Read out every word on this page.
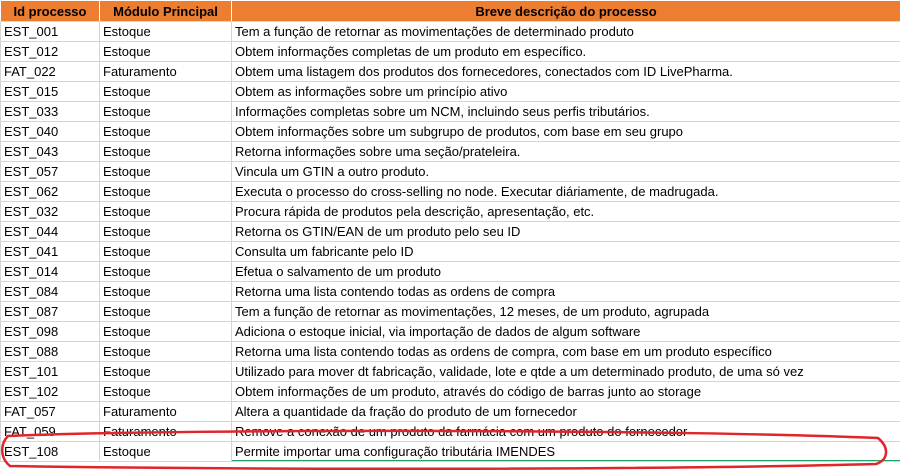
Id processo	Módulo Principal	Breve descrição do processo
EST_001	Estoque	Tem a função de retornar as movimentações de determinado produto
EST_012	Estoque	Obtem informações completas de um produto em específico.
FAT_022	Faturamento	Obtem uma listagem dos produtos dos fornecedores, conectados com ID LivePharma.
EST_015	Estoque	Obtem as informações sobre um princípio ativo
EST_033	Estoque	Informações completas sobre um NCM, incluindo seus perfis tributários.
EST_040	Estoque	Obtem informações sobre um subgrupo de produtos, com base em seu grupo
EST_043	Estoque	Retorna informações sobre uma seção/prateleira.
EST_057	Estoque	Vincula um GTIN a outro produto.
EST_062	Estoque	Executa o processo do cross-selling no node. Executar diáriamente, de madrugada.
EST_032	Estoque	Procura rápida de produtos pela descrição, apresentação, etc.
EST_044	Estoque	Retorna os GTIN/EAN de um produto pelo seu ID
EST_041	Estoque	Consulta um fabricante pelo ID
EST_014	Estoque	Efetua o salvamento de um produto
EST_084	Estoque	Retorna uma lista contendo todas as ordens de compra
EST_087	Estoque	Tem a função de retornar as movimentações, 12 meses, de um produto, agrupada
EST_098	Estoque	Adiciona o estoque inicial, via importação de dados de algum software
EST_088	Estoque	Retorna uma lista contendo todas as ordens de compra, com base em um produto específico
EST_101	Estoque	Utilizado para mover dt fabricação, validade, lote e qtde a um determinado produto, de uma só vez
EST_102	Estoque	Obtem informações de um produto, através do código de barras junto ao storage
FAT_057	Faturamento	Altera a quantidade da fração do produto de um fornecedor
FAT_059	Faturamento	Remove a conexão de um produto da farmácia com um produto do fornecedor
EST_108	Estoque	Permite importar uma configuração tributária IMENDES
